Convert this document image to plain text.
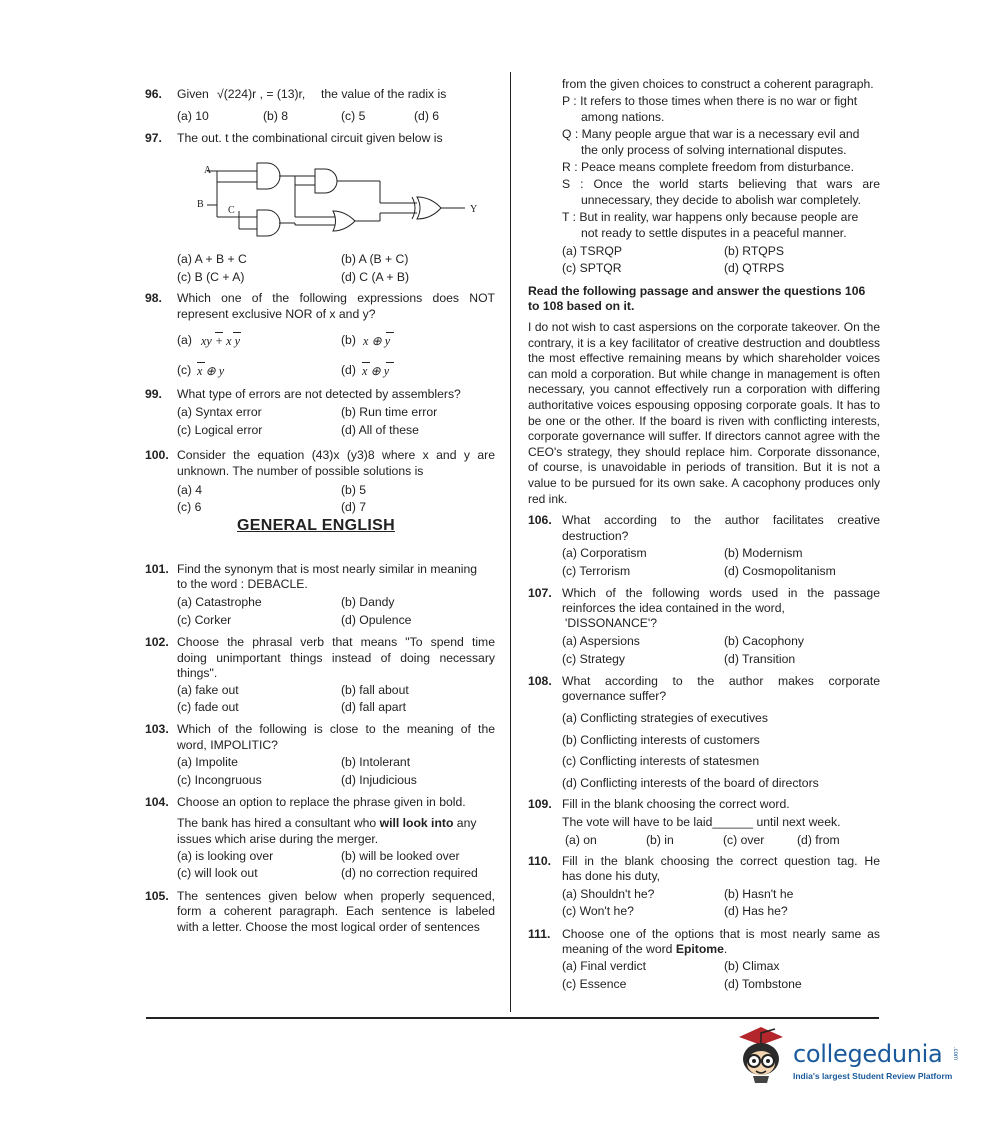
96. Given √(224)r , = (13)r, the value of the radix is
(a) 10	(b) 8	(c) 5	(d) 6
97. The out. t the combinational circuit given below is
A
B
C	Y
(a) A + B + C	(b) A (B + C)
(c) B (C + A)	(d) C (A + B)
98. Which one of the following expressions does NOT
represent exclusive NOR of x and y?
(a) xy + x y	(b) x ⊕ y
(c) x ⊕ y	(d) x ⊕ y
99. What type of errors are not detected by assemblers?
(a) Syntax error	(b) Run time error
(c) Logical error	(d) All of these
100. Consider the equation (43)x (y3)8 where x and y are
unknown. The number of possible solutions is
(a) 4	(b) 5
(c) 6	(d) 7
GENERAL ENGLISH
101. Find the synonym that is most nearly similar in meaning
to the word : DEBACLE.
(a) Catastrophe	(b) Dandy
(c) Corker	(d) Opulence
102. Choose the phrasal verb that means "To spend time
doing unimportant things instead of doing necessary
things".
(a) fake out	(b) fall about
(c) fade out	(d) fall apart
103. Which of the following is close to the meaning of the
word, IMPOLITIC?
(a) Impolite	(b) Intolerant
(c) Incongruous	(d) Injudicious
104. Choose an option to replace the phrase given in bold.
The bank has hired a consultant who will look into any
issues which arise during the merger.
(a) is looking over	(b) will be looked over
(c) will look out	(d) no correction required
105. The sentences given below when properly sequenced,
form a coherent paragraph. Each sentence is labeled
with a letter. Choose the most logical order of sentences
from the given choices to construct a coherent paragraph.
P : It refers to those times when there is no war or fight
among nations.
Q : Many people argue that war is a necessary evil and
the only process of solving international disputes.
R : Peace means complete freedom from disturbance.
S : Once the world starts believing that wars are
unnecessary, they decide to abolish war completely.
T : But in reality, war happens only because people are
not ready to settle disputes in a peaceful manner.
(a) TSRQP	(b) RTQPS
(c) SPTQR	(d) QTRPS
Read the following passage and answer the questions 106
to 108 based on it.
I do not wish to cast aspersions on the corporate takeover. On the contrary, it is a key facilitator of creative destruction and doubtless the most effective remaining means by which shareholder voices can mold a corporation. But while change in management is often necessary, you cannot effectively run a corporation with differing authoritative voices espousing opposing corporate goals. It has to be one or the other. If the board is riven with conflicting interests, corporate governance will suffer. If directors cannot agree with the CEO's strategy, they should replace him. Corporate dissonance, of course, is unavoidable in periods of transition. But it is not a value to be pursued for its own sake. A cacophony produces only red ink.
106. What according to the author facilitates creative
destruction?
(a) Corporatism	(b) Modernism
(c) Terrorism	(d) Cosmopolitanism
107. Which of the following words used in the passage
reinforces the idea contained in the word,
'DISSONANCE'?
(a) Aspersions	(b) Cacophony
(c) Strategy	(d) Transition
108. What according to the author makes corporate
governance suffer?
(a) Conflicting strategies of executives
(b) Conflicting interests of customers
(c) Conflicting interests of statesmen
(d) Conflicting interests of the board of directors
109. Fill in the blank choosing the correct word.
The vote will have to be laid______ until next week.
(a) on	(b) in	(c) over	(d) from
110. Fill in the blank choosing the correct question tag. He
has done his duty,
(a) Shouldn't he?	(b) Hasn't he
(c) Won't he?	(d) Has he?
111. Choose one of the options that is most nearly same as
meaning of the word Epitome.
(a) Final verdict	(b) Climax
(c) Essence	(d) Tombstone
collegedunia .com
India's largest Student Review Platform
